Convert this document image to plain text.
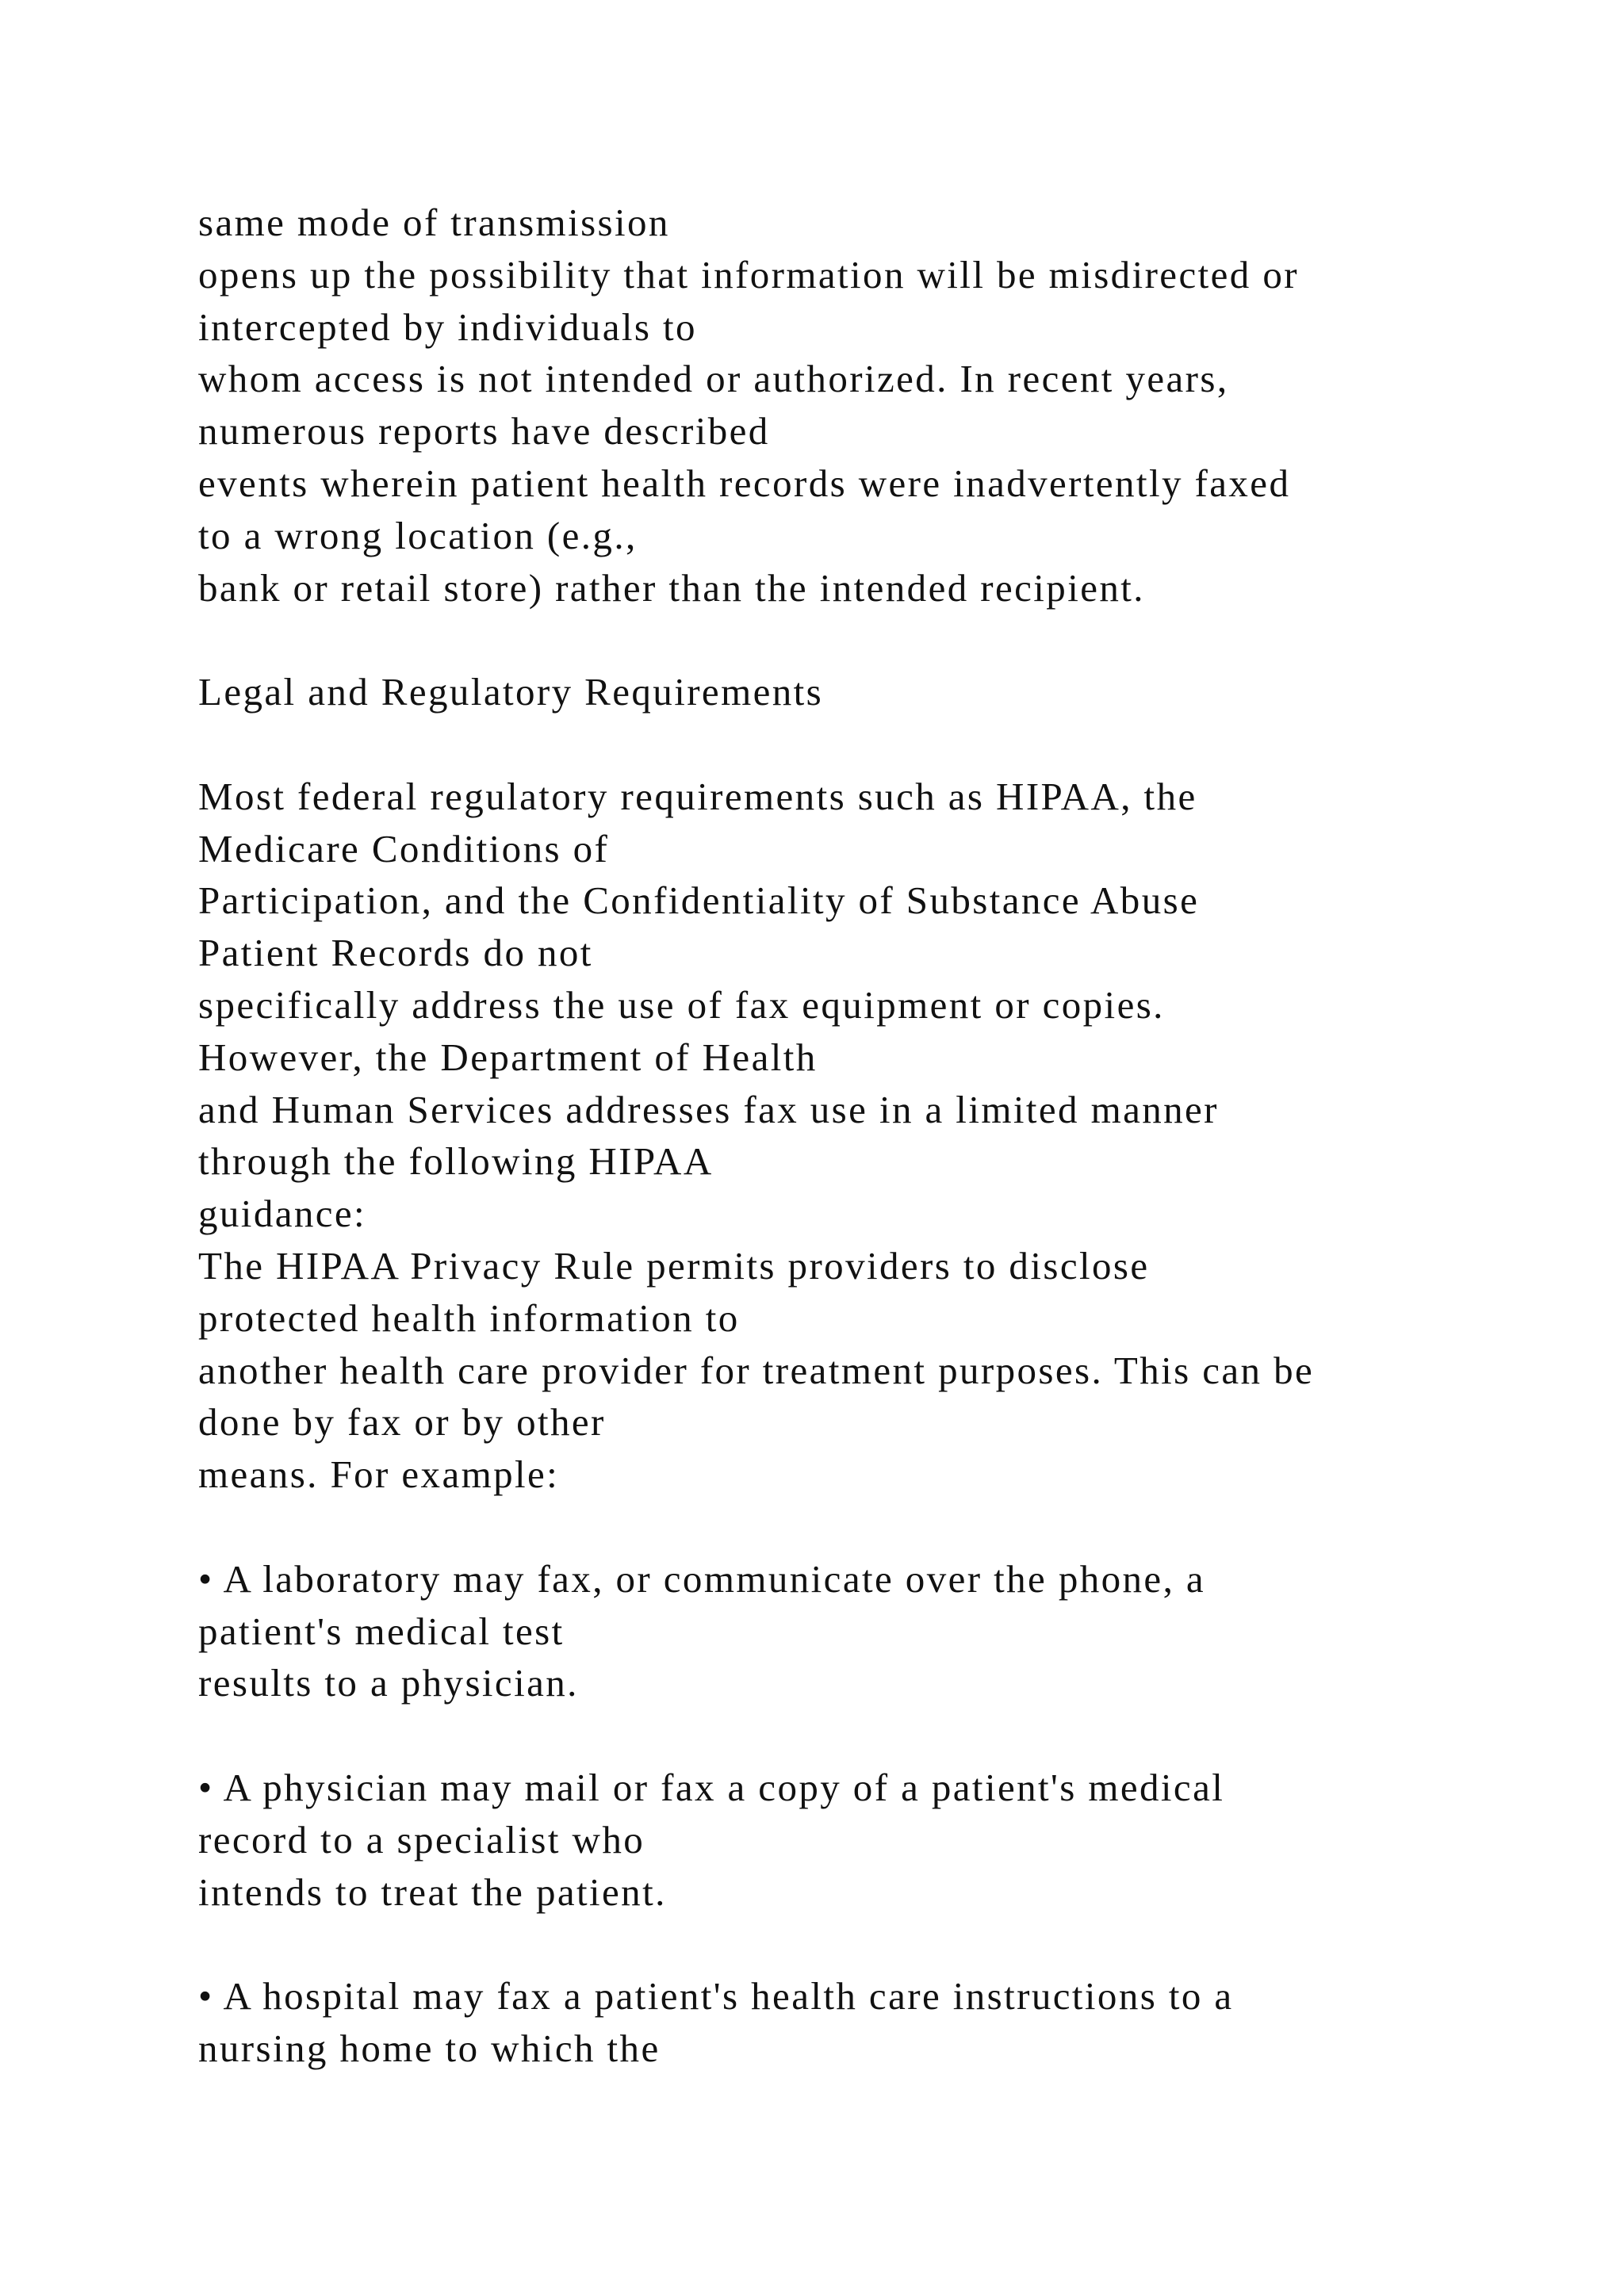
same mode of transmission
opens up the possibility that information will be misdirected or
intercepted by individuals to
whom access is not intended or authorized. In recent years,
numerous reports have described
events wherein patient health records were inadvertently faxed
to a wrong location (e.g.,
bank or retail store) rather than the intended recipient.
Legal and Regulatory Requirements
Most federal regulatory requirements such as HIPAA, the
Medicare Conditions of
Participation, and the Confidentiality of Substance Abuse
Patient Records do not
specifically address the use of fax equipment or copies.
However, the Department of Health
and Human Services addresses fax use in a limited manner
through the following HIPAA
guidance:
The HIPAA Privacy Rule permits providers to disclose
protected health information to
another health care provider for treatment purposes. This can be
done by fax or by other
means. For example:
• A laboratory may fax, or communicate over the phone, a
patient's medical test
results to a physician.
• A physician may mail or fax a copy of a patient's medical
record to a specialist who
intends to treat the patient.
• A hospital may fax a patient's health care instructions to a
nursing home to which the
